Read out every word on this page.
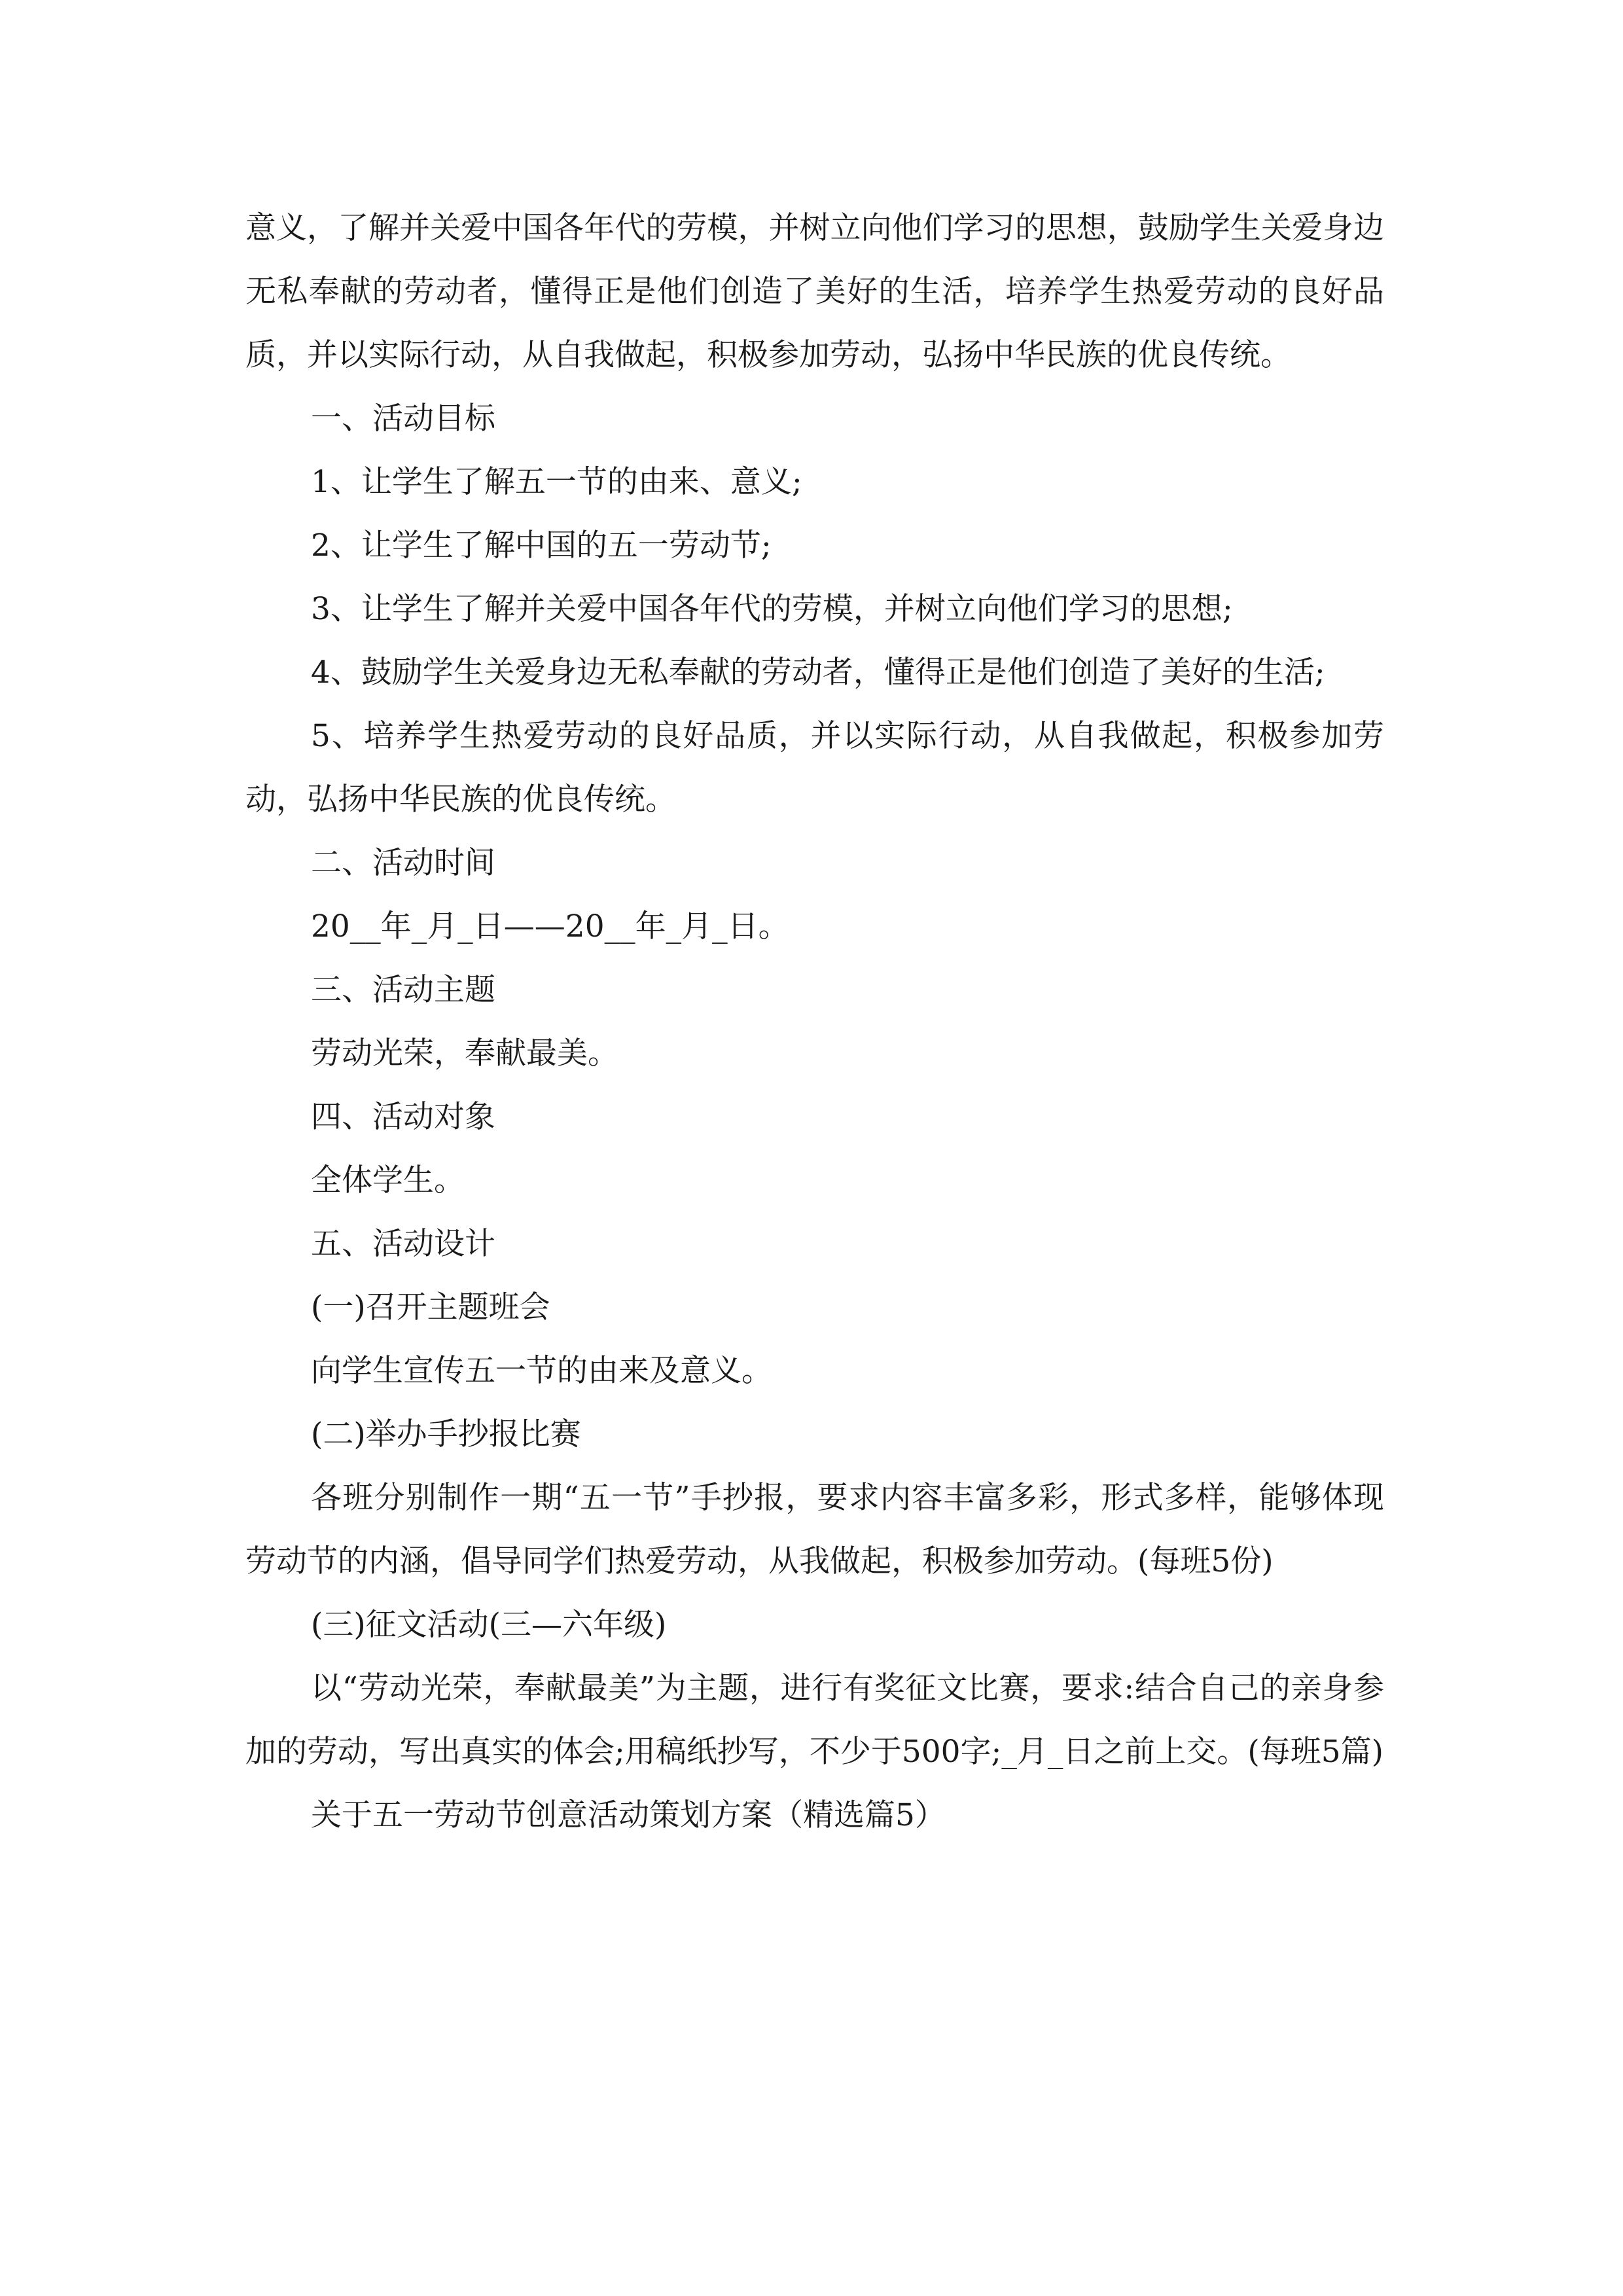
意义，了解并关爱中国各年代的劳模，并树立向他们学习的思想，鼓励学生关爱身边无私奉献的劳动者，懂得正是他们创造了美好的生活，培养学生热爱劳动的良好品质，并以实际行动，从自我做起，积极参加劳动，弘扬中华民族的优良传统。

一、活动目标

1、让学生了解五一节的由来、意义;

2、让学生了解中国的五一劳动节;

3、让学生了解并关爱中国各年代的劳模，并树立向他们学习的思想;

4、鼓励学生关爱身边无私奉献的劳动者，懂得正是他们创造了美好的生活;

5、培养学生热爱劳动的良好品质，并以实际行动，从自我做起，积极参加劳动，弘扬中华民族的优良传统。

二、活动时间

20__年_月_日——20__年_月_日。

三、活动主题

劳动光荣，奉献最美。

四、活动对象

全体学生。

五、活动设计

(一)召开主题班会

向学生宣传五一节的由来及意义。

(二)举办手抄报比赛

各班分别制作一期“五一节”手抄报，要求内容丰富多彩，形式多样，能够体现劳动节的内涵，倡导同学们热爱劳动，从我做起，积极参加劳动。(每班5份)

(三)征文活动(三—六年级)

以“劳动光荣，奉献最美”为主题，进行有奖征文比赛，要求:结合自己的亲身参加的劳动，写出真实的体会;用稿纸抄写，不少于500字;_月_日之前上交。(每班5篇)

关于五一劳动节创意活动策划方案（精选篇5）
